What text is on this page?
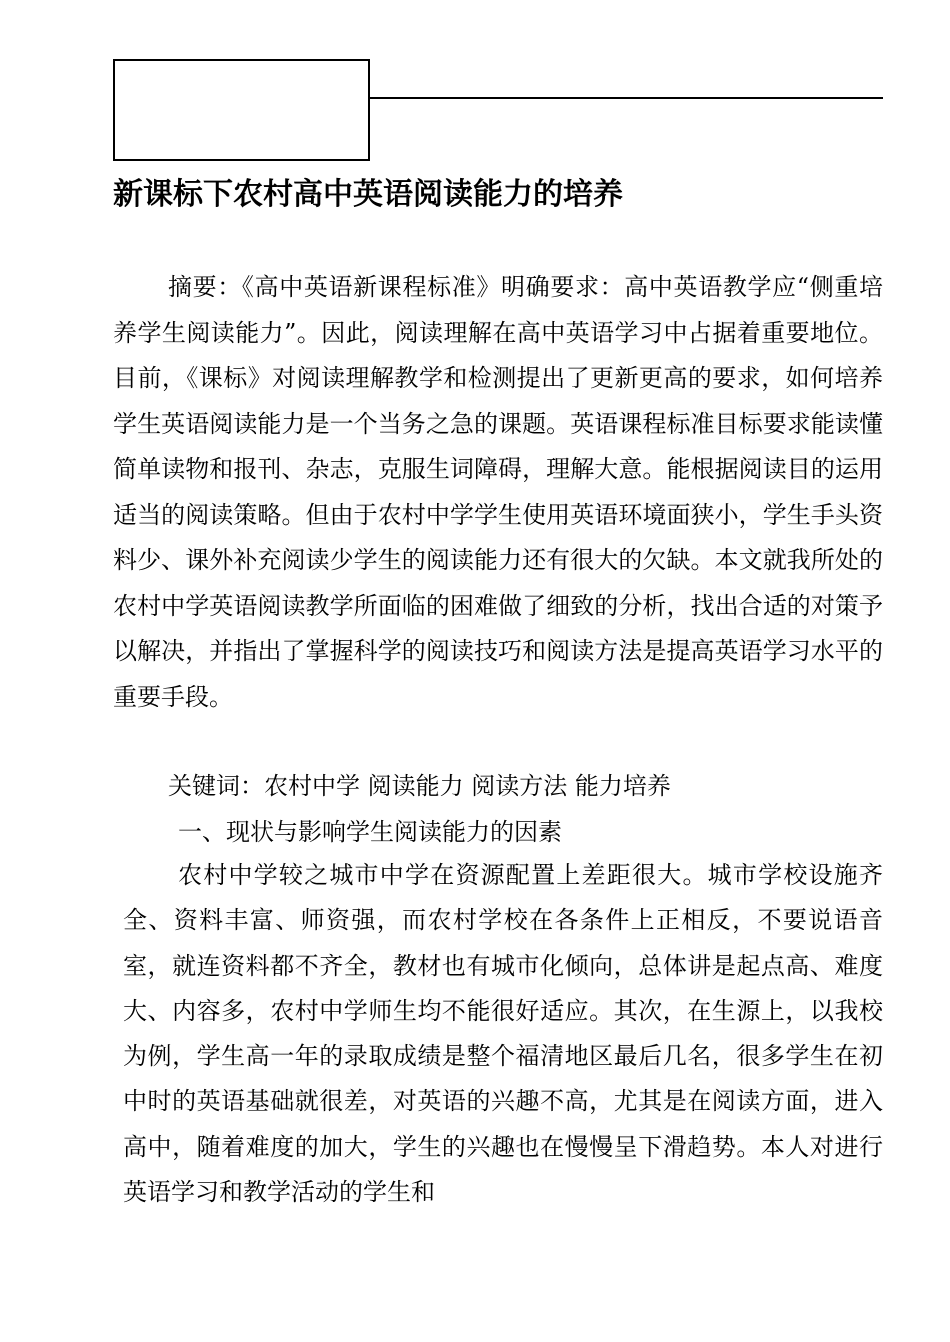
新课标下农村高中英语阅读能力的培养

摘要：《高中英语新课程标准》明确要求：高中英语教学应“侧重培养学生阅读能力”。因此，阅读理解在高中英语学习中占据着重要地位。目前，《课标》对阅读理解教学和检测提出了更新更高的要求，如何培养学生英语阅读能力是一个当务之急的课题。英语课程标准目标要求能读懂简单读物和报刊、杂志，克服生词障碍，理解大意。能根据阅读目的运用适当的阅读策略。但由于农村中学学生使用英语环境面狭小，学生手头资料少、课外补充阅读少学生的阅读能力还有很大的欠缺。本文就我所处的农村中学英语阅读教学所面临的困难做了细致的分析，找出合适的对策予以解决，并指出了掌握科学的阅读技巧和阅读方法是提高英语学习水平的重要手段。

关键词：农村中学 阅读能力 阅读方法 能力培养

一、现状与影响学生阅读能力的因素

农村中学较之城市中学在资源配置上差距很大。城市学校设施齐全、资料丰富、师资强，而农村学校在各条件上正相反，不要说语音室，就连资料都不齐全，教材也有城市化倾向，总体讲是起点高、难度大、内容多，农村中学师生均不能很好适应。其次，在生源上，以我校为例，学生高一年的录取成绩是整个福清地区最后几名，很多学生在初中时的英语基础就很差，对英语的兴趣不高，尤其是在阅读方面，进入高中，随着难度的加大，学生的兴趣也在慢慢呈下滑趋势。本人对进行英语学习和教学活动的学生和
